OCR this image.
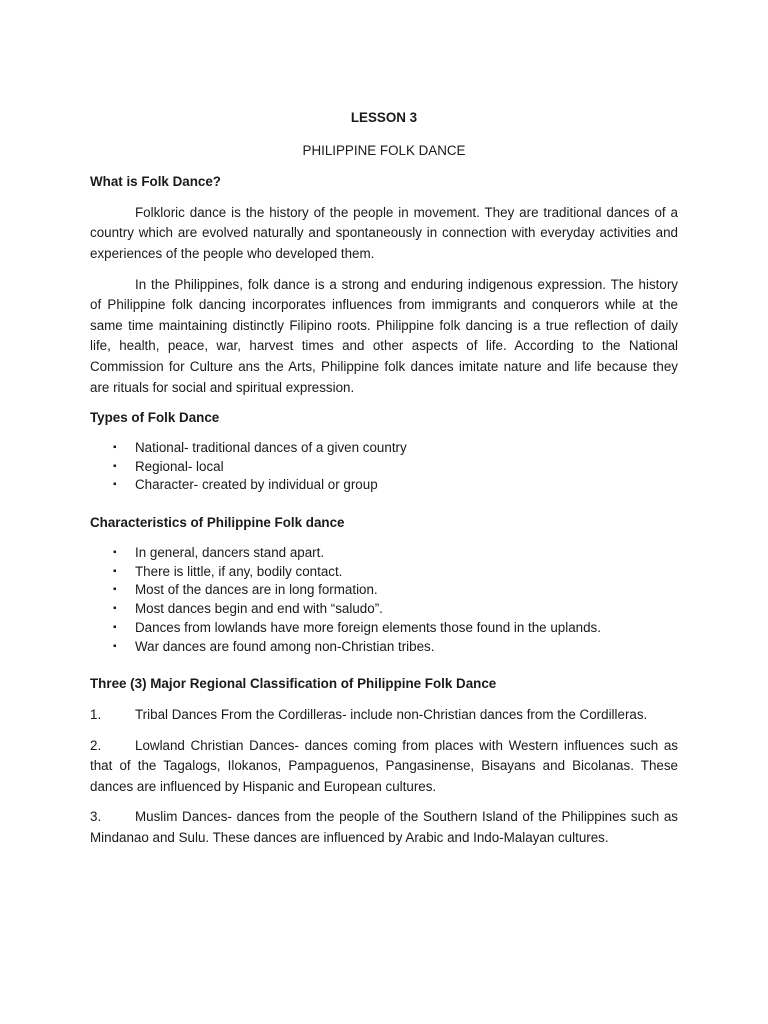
LESSON 3
PHILIPPINE FOLK DANCE
What is Folk Dance?

Folkloric dance is the history of the people in movement. They are traditional dances of a country which are evolved naturally and spontaneously in connection with everyday activities and experiences of the people who developed them.

In the Philippines, folk dance is a strong and enduring indigenous expression. The history of Philippine folk dancing incorporates influences from immigrants and conquerors while at the same time maintaining distinctly Filipino roots. Philippine folk dancing is a true reflection of daily life, health, peace, war, harvest times and other aspects of life. According to the National Commission for Culture ans the Arts, Philippine folk dances imitate nature and life because they are rituals for social and spiritual expression.

Types of Folk Dance
▪ National- traditional dances of a given country
▪ Regional- local
▪ Character- created by individual or group
Characteristics of Philippine Folk dance
▪ In general, dancers stand apart.
▪ There is little, if any, bodily contact.
▪ Most of the dances are in long formation.
▪ Most dances begin and end with “saludo”.
▪ Dances from lowlands have more foreign elements those found in the uplands.
▪ War dances are found among non-Christian tribes.
Three (3) Major Regional Classification of Philippine Folk Dance
1.	Tribal Dances From the Cordilleras- include non-Christian dances from the Cordilleras.
2.	Lowland Christian Dances- dances coming from places with Western influences such as that of the Tagalogs, Ilokanos, Pampaguenos, Pangasinense, Bisayans and Bicolanas. These dances are influenced by Hispanic and European cultures.
3.	Muslim Dances- dances from the people of the Southern Island of the Philippines such as Mindanao and Sulu. These dances are influenced by Arabic and Indo-Malayan cultures.
